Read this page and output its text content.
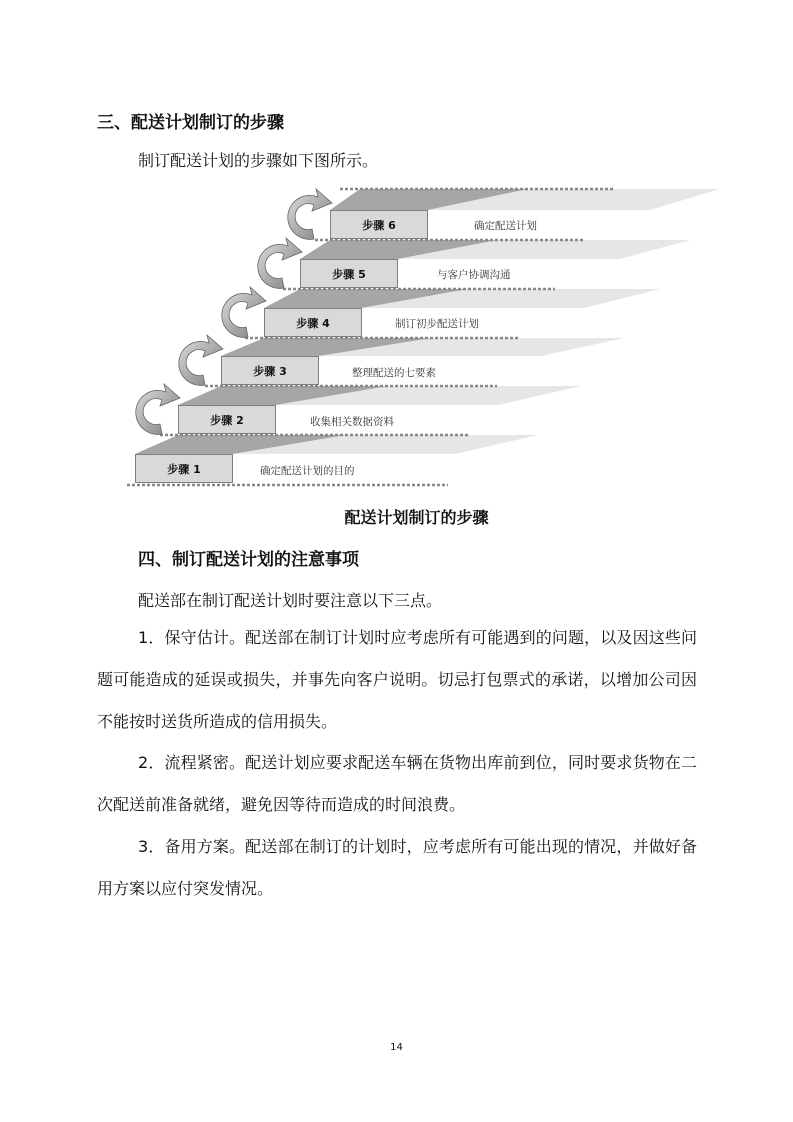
三、配送计划制订的步骤
制订配送计划的步骤如下图所示。
步骤 1
步骤 2
步骤 3
步骤 4
步骤 5
步骤 6
确定配送计划的目的
收集相关数据资料
整理配送的七要素
制订初步配送计划
与客户协调沟通
确定配送计划
配送计划制订的步骤
四、制订配送计划的注意事项
配送部在制订配送计划时要注意以下三点。
1．保守估计。配送部在制订计划时应考虑所有可能遇到的问题，以及因这些问题可能造成的延误或损失，并事先向客户说明。切忌打包票式的承诺，以增加公司因不能按时送货所造成的信用损失。
2．流程紧密。配送计划应要求配送车辆在货物出库前到位，同时要求货物在二次配送前准备就绪，避免因等待而造成的时间浪费。
3．备用方案。配送部在制订的计划时，应考虑所有可能出现的情况，并做好备用方案以应付突发情况。
14
